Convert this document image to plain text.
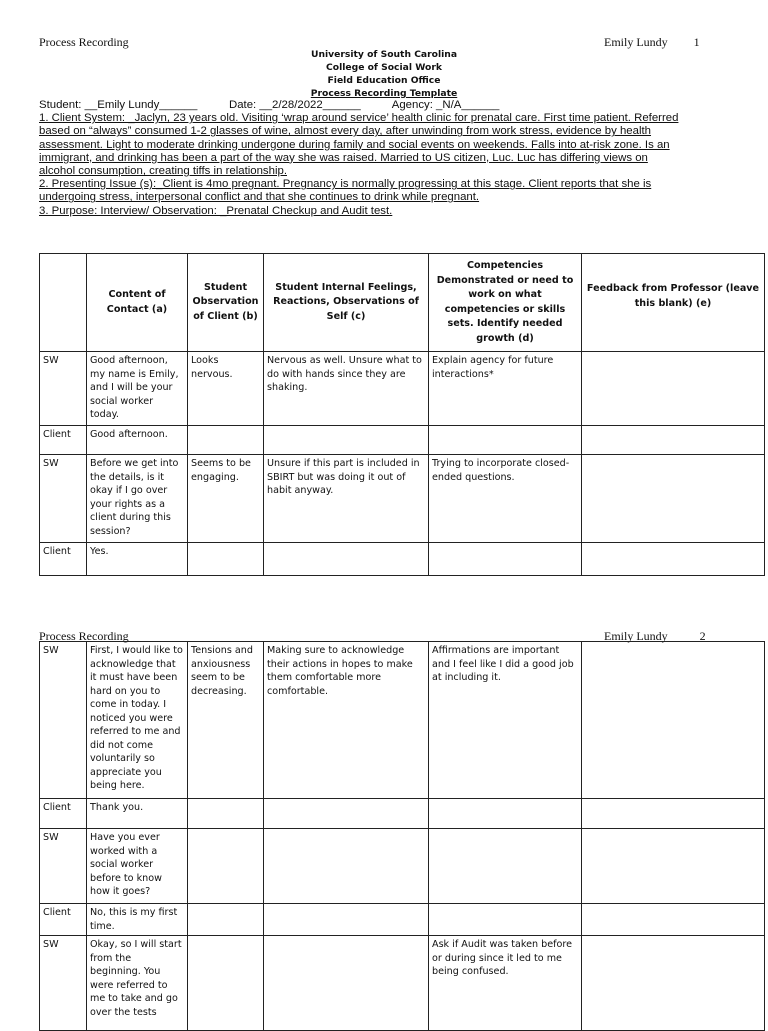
Process Recording	Emily Lundy 1
University of South Carolina
College of Social Work
Field Education Office
Process Recording Template
Student: __Emily Lundy______          Date: __2/28/2022______          Agency: _N/A______
1. Client System: _Jaclyn, 23 years old. Visiting ‘wrap around service’ health clinic for prenatal care. First time patient. Referred
based on “always” consumed 1-2 glasses of wine, almost every day, after unwinding from work stress, evidence by health
assessment. Light to moderate drinking undergone during family and social events on weekends. Falls into at-risk zone. Is an
immigrant, and drinking has been a part of the way she was raised. Married to US citizen, Luc. Luc has differing views on
alcohol consumption, creating tiffs in relationship.
2. Presenting Issue (s):_Client is 4mo pregnant. Pregnancy is normally progressing at this stage. Client reports that she is
undergoing stress, interpersonal conflict and that she continues to drink while pregnant.
3. Purpose: Interview/ Observation: _Prenatal Checkup and Audit test.
	Content of Contact (a)	Student Observation of Client (b)	Student Internal Feelings, Reactions, Observations of Self (c)	Competencies Demonstrated or need to work on what competencies or skills sets. Identify needed growth (d)	Feedback from Professor (leave this blank) (e)
SW	Good afternoon, my name is Emily, and I will be your social worker today.	Looks nervous.	Nervous as well. Unsure what to do with hands since they are shaking.	Explain agency for future interactions*	
Client	Good afternoon.				
SW	Before we get into the details, is it okay if I go over your rights as a client during this session?	Seems to be engaging.	Unsure if this part is included in SBIRT but was doing it out of habit anyway.	Trying to incorporate closed-ended questions.	
Client	Yes.				
Process Recording	Emily Lundy	2
SW	First, I would like to acknowledge that it must have been hard on you to come in today. I noticed you were referred to me and did not come voluntarily so appreciate you being here.	Tensions and anxiousness seem to be decreasing.	Making sure to acknowledge their actions in hopes to make them comfortable more comfortable.	Affirmations are important and I feel like I did a good job at including it.	
Client	Thank you.				
SW	Have you ever worked with a social worker before to know how it goes?				
Client	No, this is my first time.				
SW	Okay, so I will start from the beginning. You were referred to me to take and go over the tests			Ask if Audit was taken before or during since it led to me being confused.	
